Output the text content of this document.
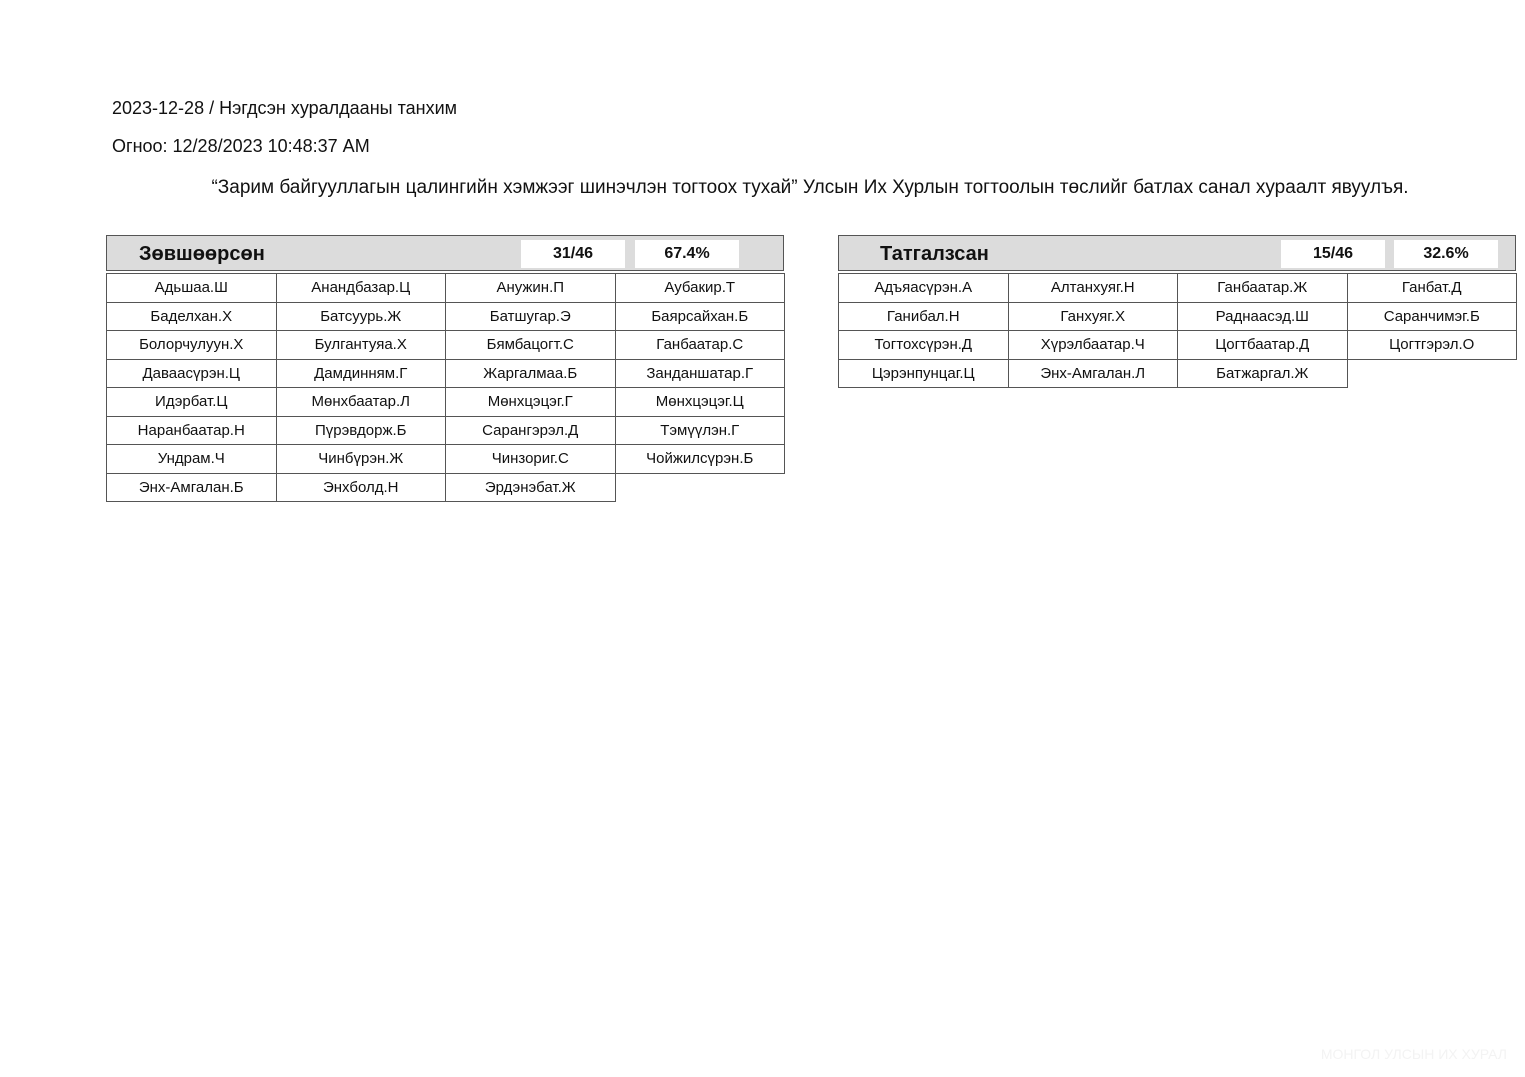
2023-12-28 / Нэгдсэн хуралдааны танхим
Огноо: 12/28/2023 10:48:37 AM
“Зарим байгууллагын цалингийн хэмжээг шинэчлэн тогтоох тухай” Улсын Их Хурлын тогтоолын төслийг батлах санал хураалт явуулъя.
Зөвшөөрсөн	31/46	67.4%
Адьшаа.Ш	Анандбазар.Ц	Анужин.П	Аубакир.Т
Баделхан.Х	Батсуурь.Ж	Батшугар.Э	Баярсайхан.Б
Болорчулуун.Х	Булгантуяа.Х	Бямбацогт.С	Ганбаатар.С
Даваасүрэн.Ц	Дамдинням.Г	Жаргалмаа.Б	Занданшатар.Г
Идэрбат.Ц	Мөнхбаатар.Л	Мөнхцэцэг.Г	Мөнхцэцэг.Ц
Наранбаатар.Н	Пүрэвдорж.Б	Сарангэрэл.Д	Тэмүүлэн.Г
Ундрам.Ч	Чинбүрэн.Ж	Чинзориг.С	Чойжилсүрэн.Б
Энх-Амгалан.Б	Энхболд.Н	Эрдэнэбат.Ж
Татгалзсан	15/46	32.6%
Адъяасүрэн.А	Алтанхуяг.Н	Ганбаатар.Ж	Ганбат.Д
Ганибал.Н	Ганхуяг.Х	Раднаасэд.Ш	Саранчимэг.Б
Тогтохсүрэн.Д	Хүрэлбаатар.Ч	Цогтбаатар.Д	Цогтгэрэл.О
Цэрэнпунцаг.Ц	Энх-Амгалан.Л	Батжаргал.Ж
МОНГОЛ УЛСЫН ИХ ХУРАЛ
